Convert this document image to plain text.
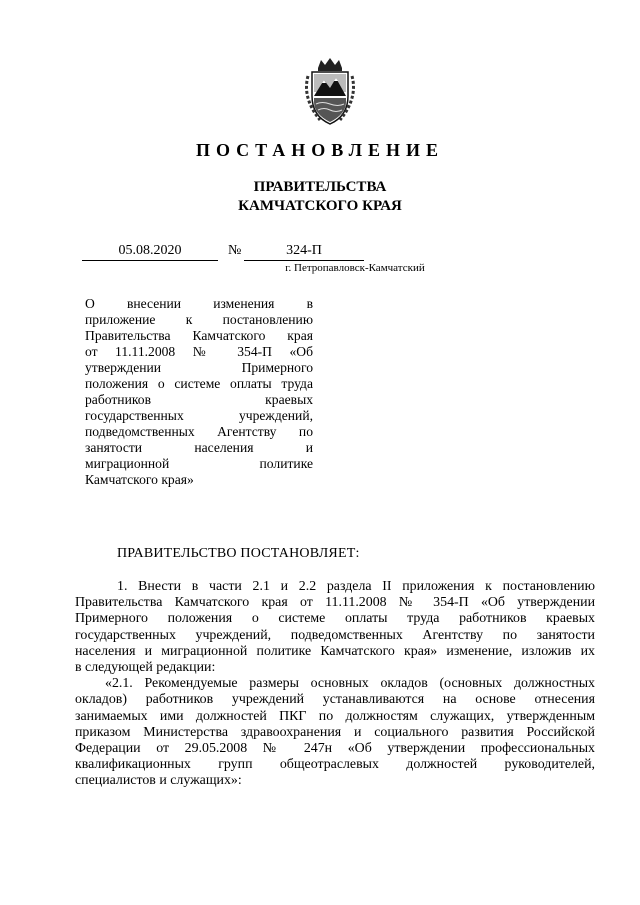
ПОСТАНОВЛЕНИЕ
ПРАВИТЕЛЬСТВА
КАМЧАТСКОГО КРАЯ
05.08.2020	№	324-П
г. Петропавловск-Камчатский
О внесении изменения в
приложение к постановлению
Правительства Камчатского края
от 11.11.2008 № 354-П «Об
утверждении Примерного
положения о системе оплаты труда
работников краевых
государственных учреждений,
подведомственных Агентству по
занятости населения и
миграционной политике
Камчатского края»
ПРАВИТЕЛЬСТВО ПОСТАНОВЛЯЕТ:
1. Внести в части 2.1 и 2.2 раздела II приложения к постановлению
Правительства Камчатского края от 11.11.2008 № 354-П «Об утверждении
Примерного положения о системе оплаты труда работников краевых
государственных учреждений, подведомственных Агентству по занятости
населения и миграционной политике Камчатского края» изменение, изложив их
в следующей редакции:
«2.1. Рекомендуемые размеры основных окладов (основных должностных
окладов) работников учреждений устанавливаются на основе отнесения
занимаемых ими должностей ПКГ по должностям служащих, утвержденным
приказом Министерства здравоохранения и социального развития Российской
Федерации от 29.05.2008 № 247н «Об утверждении профессиональных
квалификационных групп общеотраслевых должностей руководителей,
специалистов и служащих»:
